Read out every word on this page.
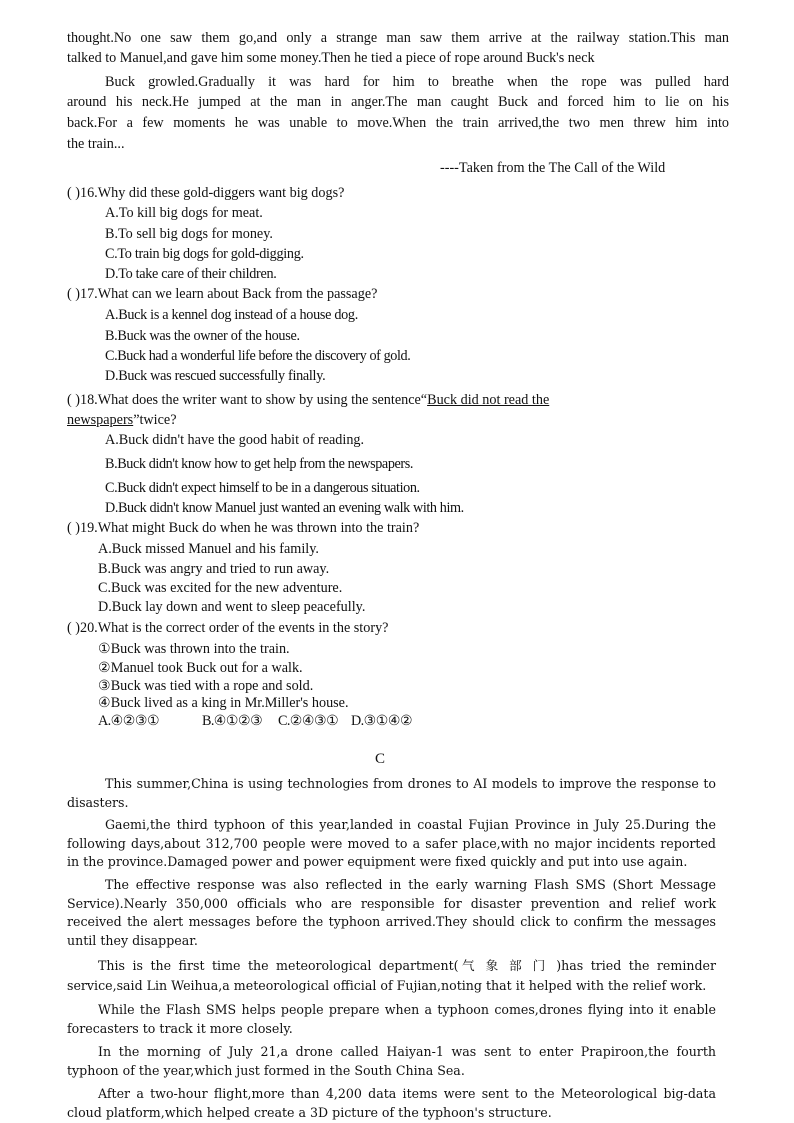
thought.No one saw them go,and only a strange man saw them arrive at the railway station.This man
talked to Manuel,and gave him some money.Then he tied a piece of rope around Buck's neck
Buck growled.Gradually it was hard for him to breathe when the rope was pulled hard
around his neck.He jumped at the man in anger.The man caught Buck and forced him to lie on his
back.For a few moments he was unable to move.When the train arrived,the two men threw him into
the train...
----Taken from the The Call of the Wild
( )16.Why did these gold-diggers want big dogs?
A.To kill big dogs for meat.
B.To sell big dogs for money.
C.To train big dogs for gold-digging.
D.To take care of their children.
( )17.What can we learn about Back from the passage?
A.Buck is a kennel dog instead of a house dog.
B.Buck was the owner of the house.
C.Buck had a wonderful life before the discovery of gold.
D.Buck was rescued successfully finally.
( )18.What does the writer want to show by using the sentence“Buck did not read the
newspapers”twice?
A.Buck didn't have the good habit of reading.
B.Buck didn't know how to get help from the newspapers.
C.Buck didn't expect himself to be in a dangerous situation.
D.Buck didn't know Manuel just wanted an evening walk with him.
( )19.What might Buck do when he was thrown into the train?
A.Buck missed Manuel and his family.
B.Buck was angry and tried to run away.
C.Buck was excited for the new adventure.
D.Buck lay down and went to sleep peacefully.
( )20.What is the correct order of the events in the story?
①Buck was thrown into the train.
②Manuel took Buck out for a walk.
③Buck was tied with a rope and sold.
④Buck lived as a king in Mr.Miller's house.
A.④②③①	B.④①②③ C.②④③① D.③①④②
C
This summer,China is using technologies from drones to AI models to improve the response to disasters.
Gaemi,the third typhoon of this year,landed in coastal Fujian Province in July 25.During the following days,about 312,700 people were moved to a safer place,with no major incidents reported in the province.Damaged power and power equipment were fixed quickly and put into use again.
The effective response was also reflected in the early warning Flash SMS (Short Message Service).Nearly 350,000 officials who are responsible for disaster prevention and relief work received the alert messages before the typhoon arrived.They should click to confirm the messages until they disappear.
This is the first time the meteorological department(气 象 部 门 )has tried the reminder service,said Lin Weihua,a meteorological official of Fujian,noting that it helped with the relief work.
While the Flash SMS helps people prepare when a typhoon comes,drones flying into it enable forecasters to track it more closely.
In the morning of July 21,a drone called Haiyan-1 was sent to enter Prapiroon,the fourth typhoon of the year,which just formed in the South China Sea.
After a two-hour flight,more than 4,200 data items were sent to the Meteorological big-data cloud platform,which helped create a 3D picture of the typhoon's structure.
